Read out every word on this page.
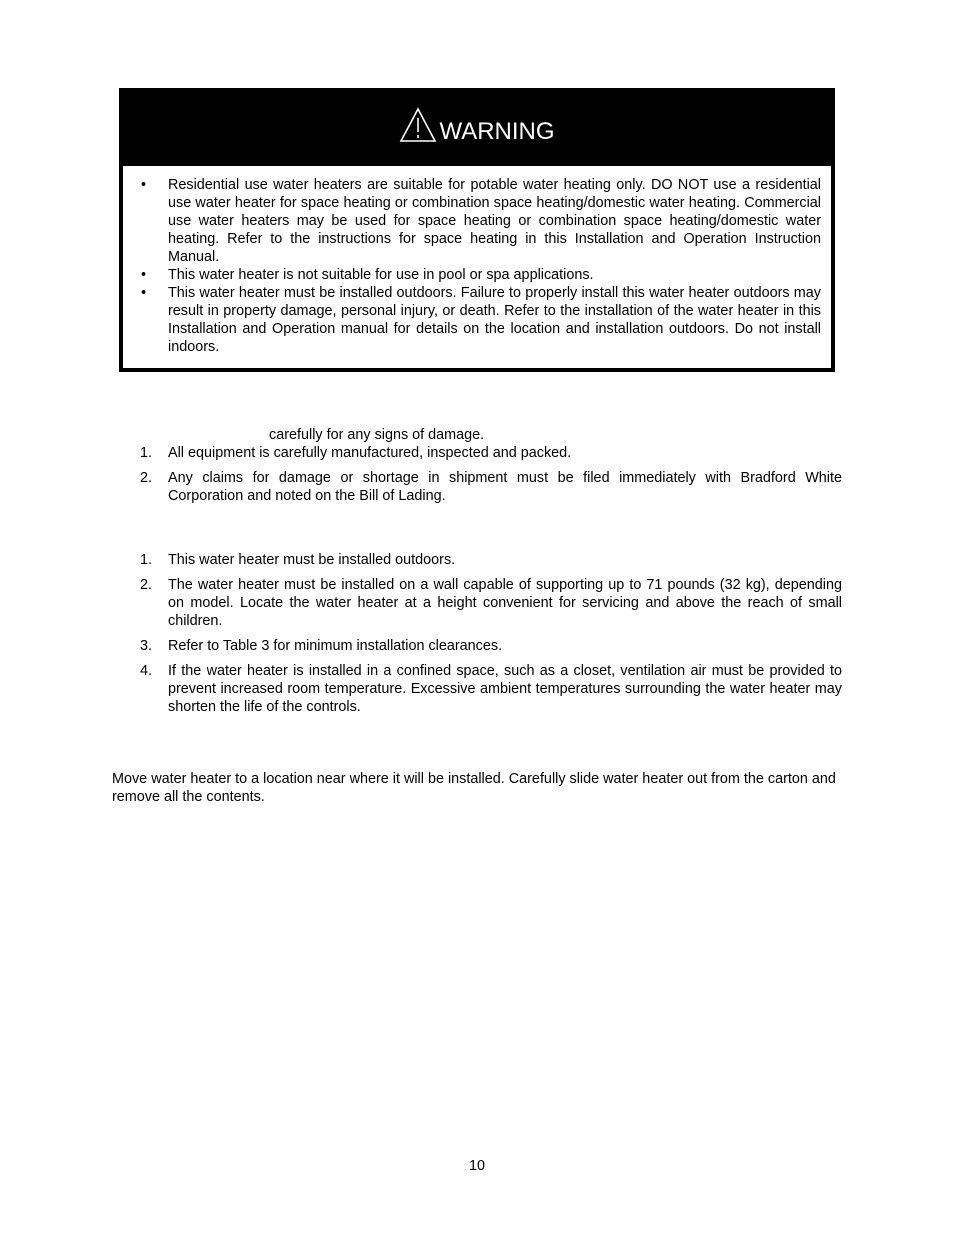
WARNING
• Residential use water heaters are suitable for potable water heating only. DO NOT use a residential use water heater for space heating or combination space heating/domestic water heating. Commercial use water heaters may be used for space heating or combination space heating/domestic water heating. Refer to the instructions for space heating in this Installation and Operation Instruction Manual.
• This water heater is not suitable for use in pool or spa applications.
• This water heater must be installed outdoors. Failure to properly install this water heater outdoors may result in property damage, personal injury, or death. Refer to the installation of the water heater in this Installation and Operation manual for details on the location and installation outdoors. Do not install indoors.
carefully for any signs of damage.
1. All equipment is carefully manufactured, inspected and packed.
2. Any claims for damage or shortage in shipment must be filed immediately with Bradford White Corporation and noted on the Bill of Lading.
1. This water heater must be installed outdoors.
2. The water heater must be installed on a wall capable of supporting up to 71 pounds (32 kg), depending on model. Locate the water heater at a height convenient for servicing and above the reach of small children.
3. Refer to Table 3 for minimum installation clearances.
4. If the water heater is installed in a confined space, such as a closet, ventilation air must be provided to prevent increased room temperature. Excessive ambient temperatures surrounding the water heater may shorten the life of the controls.

Move water heater to a location near where it will be installed. Carefully slide water heater out from the carton and remove all the contents.

10
